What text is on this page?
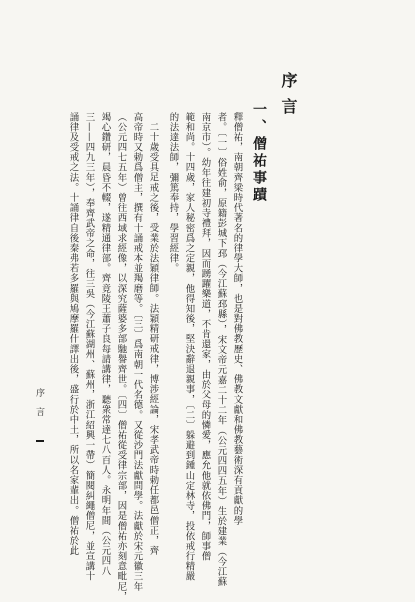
序言
一、僧祐事蹟
釋僧祐，南朝齊梁時代著名的律學大師，也是對佛教歷史、佛教文獻和佛教藝術深有貢獻的學
者。〔一〕俗姓俞，原籍彭城下邳（今江蘇邳縣），宋文帝元嘉二十二年（公元四四五年）生於建業（今江蘇
南京市）。幼年往建初寺禮拜，因而踴躍樂道，不肯還家，由於父母的憐愛，應允他就依佛門，師事僧
範和尚。十四歲，家人秘密爲之定親，他得知後，堅決辭退親事，〔二〕躲避到鍾山定林寺，投依戒行精嚴
的法達法師，彌篤奉持，學習經律。
二十歲受具足戒之後，受業於法穎律師。法穎精研戒律，博涉經論，宋孝武帝時勅任都邑僧正，齊
高帝時又勅爲僧主，撰有十誦戒本並羯磨等。〔三〕爲南朝一代名德。又從沙門法獻問學。法獻於宋元徽三年
（公元四七五年）曾往西域求經像，以深究薩婆多部馳譽齊世。〔四〕僧祐從受律宗部，因是僧祐亦刻意毗尼，
竭心鑽研，晨昏不輟，遂精通律部。齊竟陵王蕭子良每請講律，聽衆常達七八百人。永明年間（公元四八
三——四九三年），奉齊武帝之命，往三吳（今江蘇湖州、蘇州，浙江紹興一帶）簡閱糾繩僧尼，並宣講十
誦律及受戒之法。十誦律自後秦弗若多羅與鳩摩羅什譯出後，盛行於中土，所以名家輩出。僧祐於此
序言
